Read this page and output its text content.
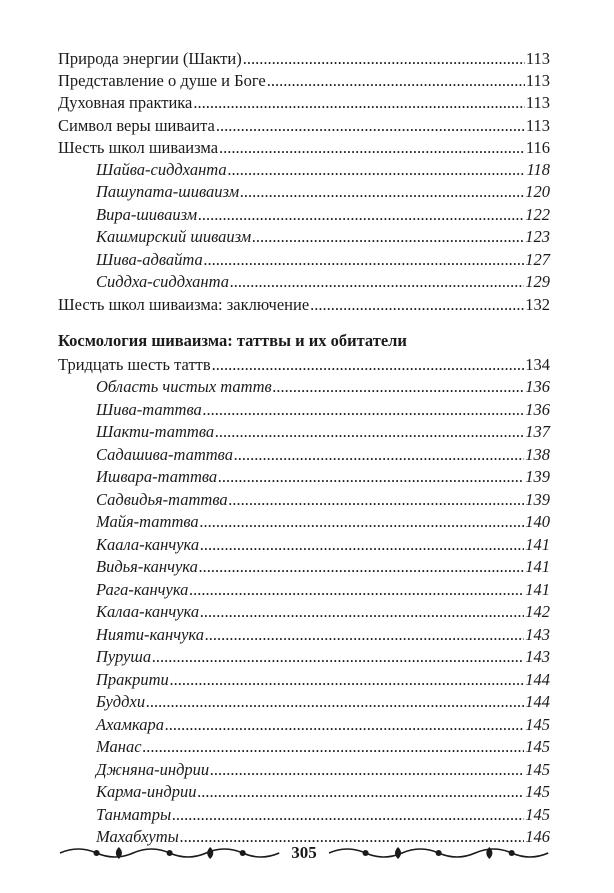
Природа энергии (Шакти) .....	113
Представление о душе и Боге .....	113
Духовная практика .....	113
Символ веры шиваита .....	113
Шесть школ шиваизма .....	116
Шайва-сиддханта .....	118
Пашупата-шиваизм .....	120
Вира-шиваизм .....	122
Кашмирский шиваизм .....	123
Шива-адвайта .....	127
Сиддха-сиддханта .....	129
Шесть школ шиваизма: заключение .....	132
Космология шиваизма: таттвы и их обитатели
Тридцать шесть таттв .....	134
Область чистых таттв .....	136
Шива-таттва .....	136
Шакти-таттва .....	137
Садашива-таттва .....	138
Ишвара-таттва .....	139
Садвидья-таттва .....	139
Майя-таттва .....	140
Каала-канчука .....	141
Видья-канчука .....	141
Рага-канчука .....	141
Калаа-канчука .....	142
Нияти-канчука .....	143
Пуруша .....	143
Пракрити .....	144
Буддхи .....	144
Ахамкара .....	145
Манас .....	145
Джняна-индрии .....	145
Карма-индрии .....	145
Танматры .....	145
Махабхуты .....	146
305
